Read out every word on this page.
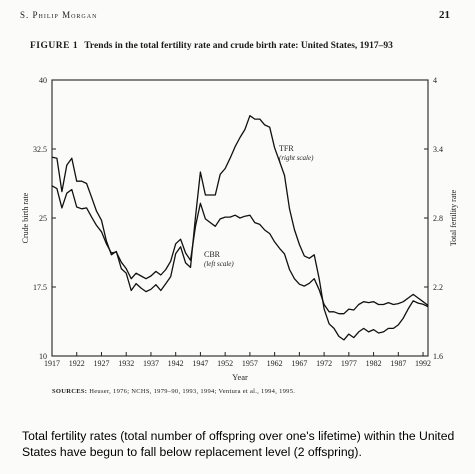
S. Philip Morgan	21
FIGURE 1 Trends in the total fertility rate and crude birth rate: United States, 1917–93
1917 1922 1927 1932 1937 1942 1947 1952 1957 1962 1967 1972 1977 1982 1987 1992
10
17.5
25
32.5
40
1.6
2.2
2.8
3.4
4
Year
Crude birth rate	Total fertility rate
TFR
(right scale)
CBR
(left scale)
SOURCES: Heuser, 1976; NCHS, 1979–90, 1993, 1994; Ventura et al., 1994, 1995.
Total fertility rates (total number of offspring over one's lifetime) within the United States have begun to fall below replacement level (2 offspring).
